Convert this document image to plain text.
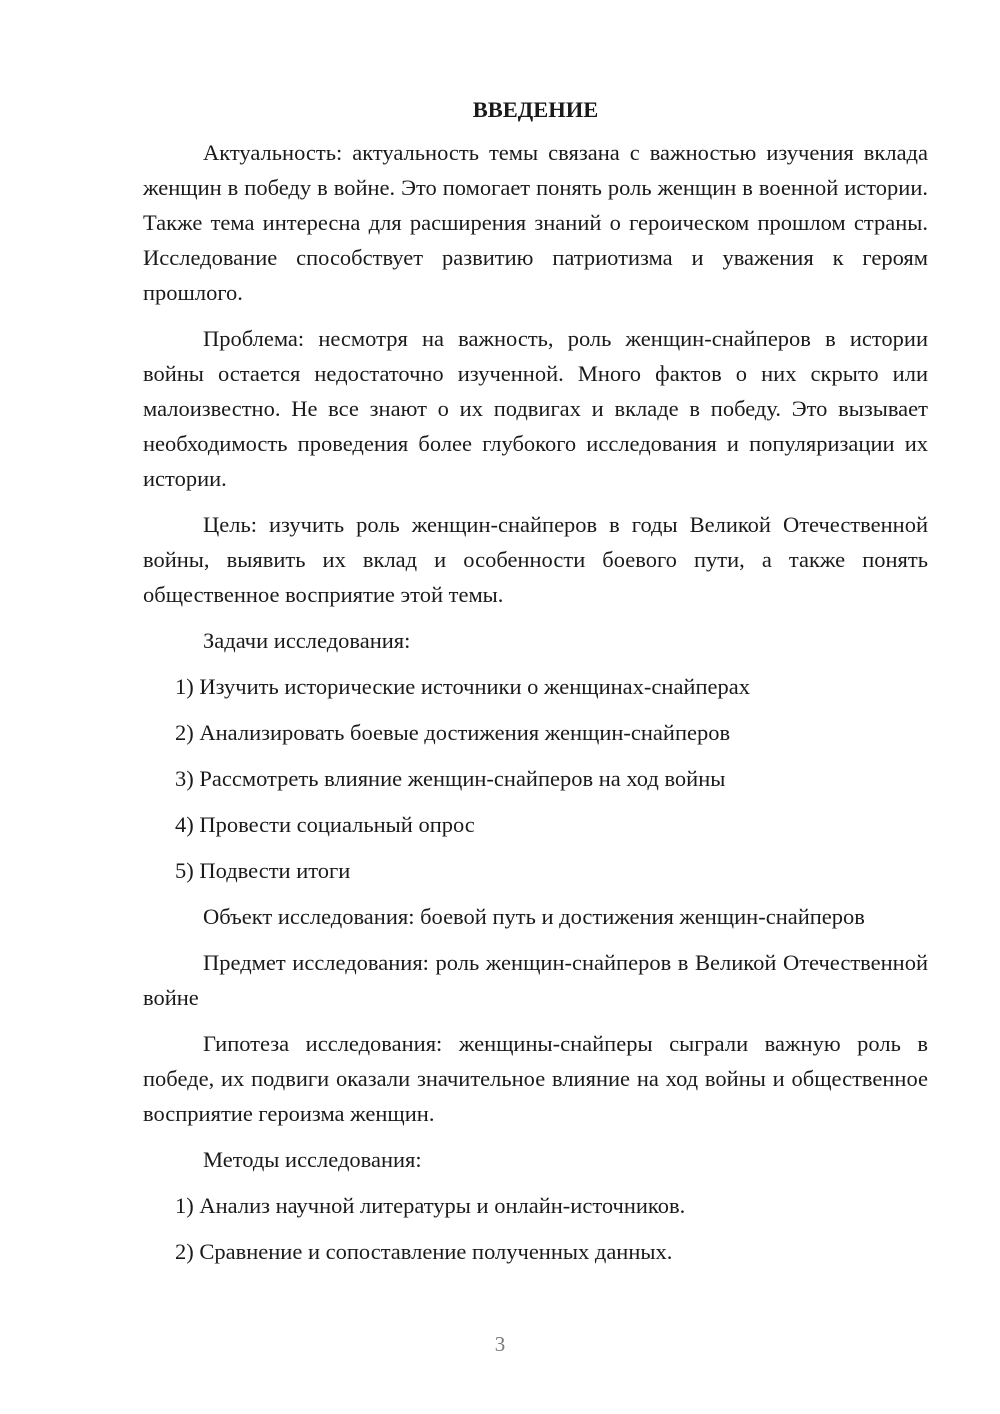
ВВЕДЕНИЕ

Актуальность: актуальность темы связана с важностью изучения вклада женщин в победу в войне. Это помогает понять роль женщин в военной истории. Также тема интересна для расширения знаний о героическом прошлом страны. Исследование способствует развитию патриотизма и уважения к героям прошлого.

Проблема: несмотря на важность, роль женщин-снайперов в истории войны остается недостаточно изученной. Много фактов о них скрыто или малоизвестно. Не все знают о их подвигах и вкладе в победу. Это вызывает необходимость проведения более глубокого исследования и популяризации их истории.

Цель: изучить роль женщин-снайперов в годы Великой Отечественной войны, выявить их вклад и особенности боевого пути, а также понять общественное восприятие этой темы.

Задачи исследования:

1) Изучить исторические источники о женщинах-снайперах
2) Анализировать боевые достижения женщин-снайперов
3) Рассмотреть влияние женщин-снайперов на ход войны
4) Провести социальный опрос
5) Подвести итоги

Объект исследования: боевой путь и достижения женщин-снайперов

Предмет исследования: роль женщин-снайперов в Великой Отечественной войне

Гипотеза исследования: женщины-снайперы сыграли важную роль в победе, их подвиги оказали значительное влияние на ход войны и общественное восприятие героизма женщин.

Методы исследования:

1) Анализ научной литературы и онлайн-источников.
2) Сравнение и сопоставление полученных данных.
3
